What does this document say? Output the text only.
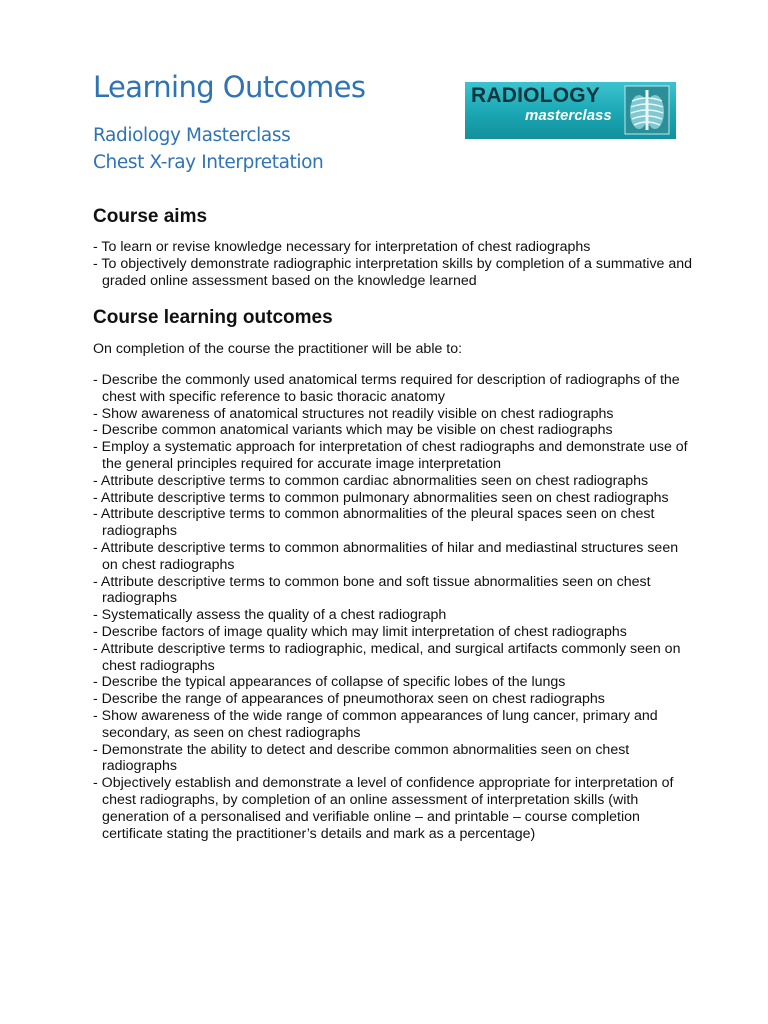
Learning Outcomes
Radiology Masterclass
Chest X-ray Interpretation
RADIOLOGY
masterclass
Course aims
- To learn or revise knowledge necessary for interpretation of chest radiographs
- To objectively demonstrate radiographic interpretation skills by completion of a summative and graded online assessment based on the knowledge learned
Course learning outcomes
On completion of the course the practitioner will be able to:
- Describe the commonly used anatomical terms required for description of radiographs of the chest with specific reference to basic thoracic anatomy
- Show awareness of anatomical structures not readily visible on chest radiographs
- Describe common anatomical variants which may be visible on chest radiographs
- Employ a systematic approach for interpretation of chest radiographs and demonstrate use of the general principles required for accurate image interpretation
- Attribute descriptive terms to common cardiac abnormalities seen on chest radiographs
- Attribute descriptive terms to common pulmonary abnormalities seen on chest radiographs
- Attribute descriptive terms to common abnormalities of the pleural spaces seen on chest radiographs
- Attribute descriptive terms to common abnormalities of hilar and mediastinal structures seen on chest radiographs
- Attribute descriptive terms to common bone and soft tissue abnormalities seen on chest radiographs
- Systematically assess the quality of a chest radiograph
- Describe factors of image quality which may limit interpretation of chest radiographs
- Attribute descriptive terms to radiographic, medical, and surgical artifacts commonly seen on chest radiographs
- Describe the typical appearances of collapse of specific lobes of the lungs
- Describe the range of appearances of pneumothorax seen on chest radiographs
- Show awareness of the wide range of common appearances of lung cancer, primary and secondary, as seen on chest radiographs
- Demonstrate the ability to detect and describe common abnormalities seen on chest radiographs
- Objectively establish and demonstrate a level of confidence appropriate for interpretation of chest radiographs, by completion of an online assessment of interpretation skills (with generation of a personalised and verifiable online – and printable – course completion certificate stating the practitioner’s details and mark as a percentage)
